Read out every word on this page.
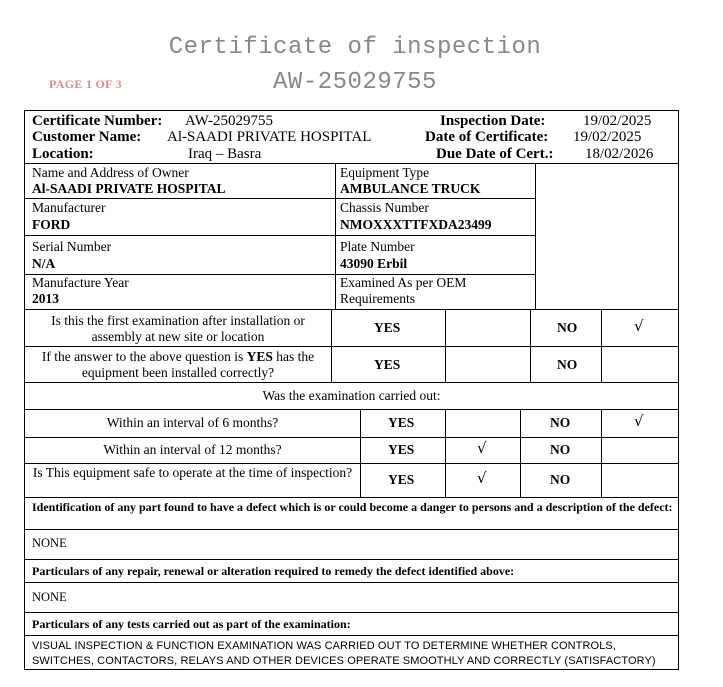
Certificate of inspection
AW-25029755
PAGE 1 OF 3
Certificate Number: AW-25029755
Customer Name: Al-SAADI PRIVATE HOSPITAL
Location:	Iraq – Basra
Inspection Date:	19/02/2025
Date of Certificate: 19/02/2025
Due Date of Cert.: 18/02/2026
Name and Address of Owner
Al-SAADI PRIVATE HOSPITAL
Equipment Type
AMBULANCE TRUCK
Manufacturer
FORD
Chassis Number
NMOXXXTTFXDA23499
Serial Number
N/A
Plate Number
43090 Erbil
Manufacture Year
2013
Examined As per OEM
Requirements
Is this the first examination after installation or assembly at new site or location
YES	NO	√
If the answer to the above question is YES has the equipment been installed correctly?
YES	NO
Was the examination carried out:
Within an interval of 6 months?	YES	NO	√
Within an interval of 12 months?	YES	√	NO
Is This equipment safe to operate at the time of inspection?	YES	√	NO
Identification of any part found to have a defect which is or could become a danger to persons and a description of the defect:
NONE
Particulars of any repair, renewal or alteration required to remedy the defect identified above:
NONE
Particulars of any tests carried out as part of the examination:
VISUAL INSPECTION & FUNCTION EXAMINATION WAS CARRIED OUT TO DETERMINE WHETHER CONTROLS, SWITCHES, CONTACTORS, RELAYS AND OTHER DEVICES OPERATE SMOOTHLY AND CORRECTLY (SATISFACTORY)
